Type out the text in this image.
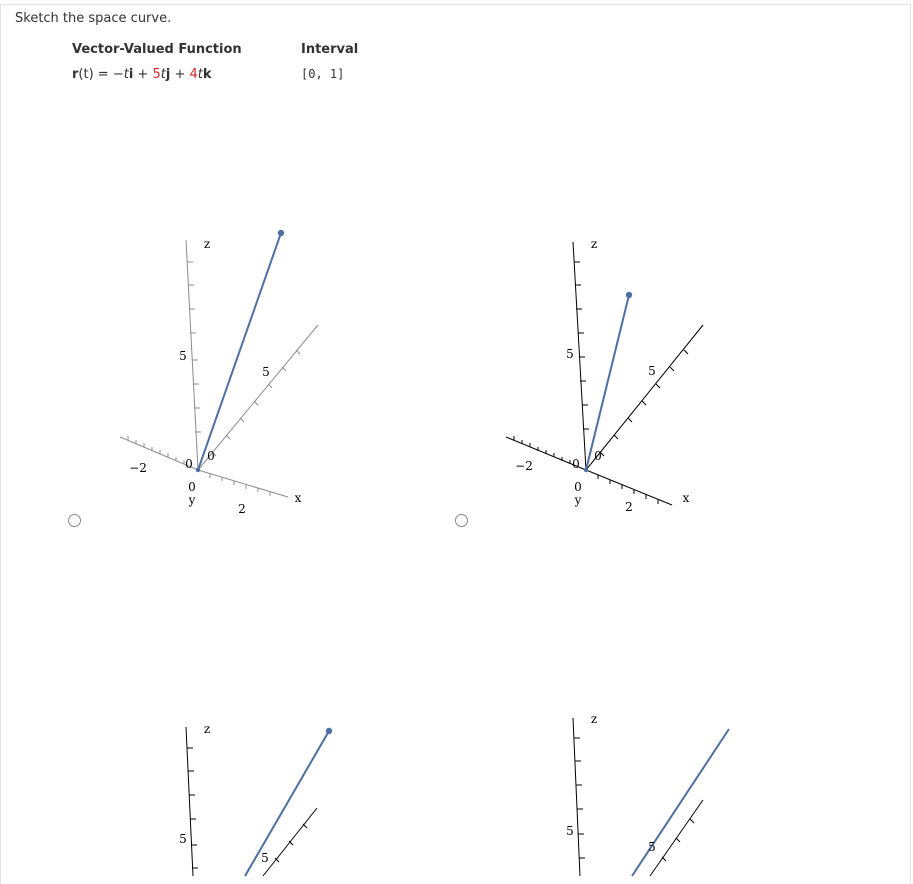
Sketch the space curve.
Vector-Valued Function	Interval
r(t) = −ti + 5tj + 4tk	[0, 1]
z
5
5
0
0
−2
0
y
2
x
z
5
5
0
0
−2
0
y	2
x
z
5
5
z
5
5
